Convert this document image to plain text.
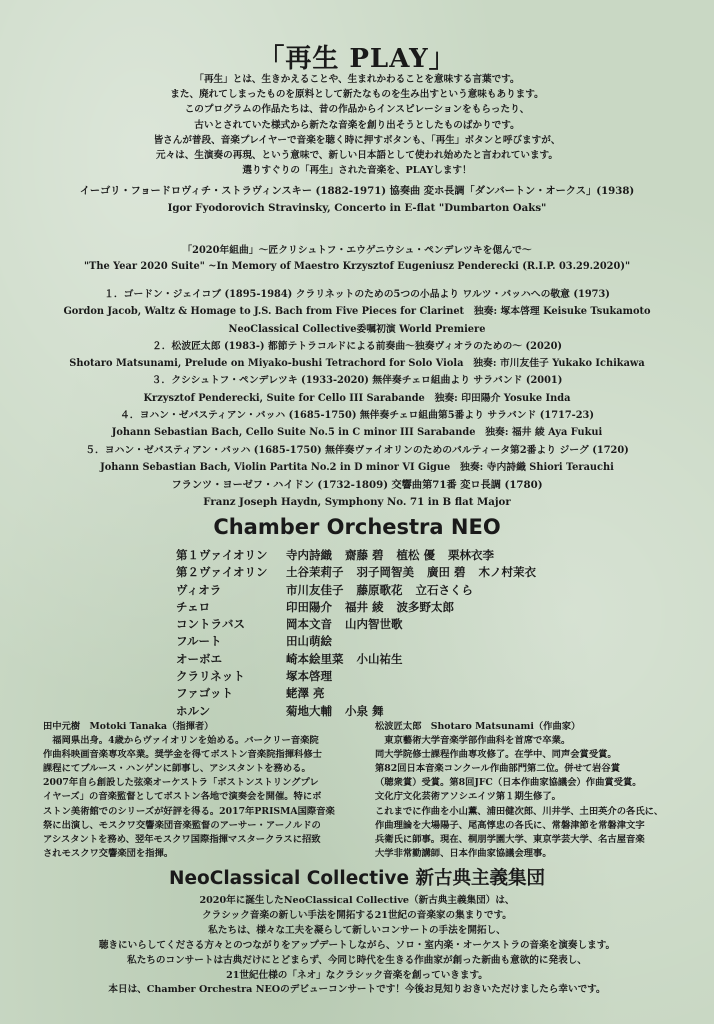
「再生 PLAY」
「再生」とは、生きかえることや、生まれかわることを意味する言葉です。
また、廃れてしまったものを原料として新たなものを生み出すという意味もあります。
このプログラムの作品たちは、昔の作品からインスピレーションをもらったり、
古いとされていた様式から新たな音楽を創り出そうとしたものばかりです。
皆さんが普段、音楽プレイヤーで音楽を聴く時に押すボタンも、「再生」ボタンと呼びますが、
元々は、生演奏の再現、という意味で、新しい日本語として使われ始めたと言われています。
選りすぐりの「再生」された音楽を、PLAYします！
イーゴリ・フョードロヴィチ・ストラヴィンスキー (1882-1971) 協奏曲 変ホ長調「ダンバートン・オークス」(1938)
Igor Fyodorovich Stravinsky, Concerto in E-flat "Dumbarton Oaks"
「2020年組曲」〜匠クリシュトフ・エウゲニウシュ・ペンデレツキを偲んで〜
"The Year 2020 Suite" ~In Memory of Maestro Krzysztof Eugeniusz Penderecki (R.I.P. 03.29.2020)"
１．ゴードン・ジェイコブ (1895-1984) クラリネットのための5つの小品より ワルツ・バッハへの敬意 (1973)
Gordon Jacob, Waltz & Homage to J.S. Bach from Five Pieces for Clarinet　独奏: 塚本啓理 Keisuke Tsukamoto
NeoClassical Collective委嘱初演 World Premiere
２．松波匠太郎 (1983-) 都節テトラコルドによる前奏曲〜独奏ヴィオラのための〜 (2020)
Shotaro Matsunami, Prelude on Miyako-bushi Tetrachord for Solo Viola　独奏: 市川友佳子 Yukako Ichikawa
３．クシシュトフ・ペンデレツキ (1933-2020) 無伴奏チェロ組曲より サラバンド (2001)
Krzysztof Penderecki, Suite for Cello III Sarabande　独奏: 印田陽介 Yosuke Inda
４．ヨハン・ゼバスティアン・バッハ (1685-1750) 無伴奏チェロ組曲第5番より サラバンド (1717-23)
Johann Sebastian Bach, Cello Suite No.5 in C minor III Sarabande　独奏: 福井 綾 Aya Fukui
５．ヨハン・ゼバスティアン・バッハ (1685-1750) 無伴奏ヴァイオリンのためのパルティータ第2番より ジーグ (1720)
Johann Sebastian Bach, Violin Partita No.2 in D minor VI Gigue　独奏: 寺内詩織 Shiori Terauchi
フランツ・ヨーゼフ・ハイドン (1732-1809) 交響曲第71番 変ロ長調 (1780)
Franz Joseph Haydn, Symphony No. 71 in B flat Major
Chamber Orchestra NEO
第１ヴァイオリン	寺内詩織 齋藤 碧 植松 優 栗林衣李
第２ヴァイオリン	土谷茉莉子 羽子岡智美 廣田 碧 木ノ村茉衣
ヴィオラ	市川友佳子 藤原歌花 立石さくら
チェロ	印田陽介 福井 綾 波多野太郎
コントラバス	岡本文音 山内智世歌
フルート	田山萌絵
オーボエ	崎本絵里菜 小山祐生
クラリネット	塚本啓理
ファゴット	蛯澤 亮
ホルン	菊地大輔 小泉 舞
田中元樹　Motoki Tanaka（指揮者）
　福岡県出身。4歳からヴァイオリンを始める。バークリー音楽院
作曲科映画音楽専攻卒業。奨学金を得てボストン音楽院指揮科修士
課程にてブルース・ハンゲンに師事し、アシスタントを務める。
2007年自ら創設した弦楽オーケストラ「ボストンストリングプレ
イヤーズ」の音楽監督としてボストン各地で演奏会を開催。特にボ
ストン美術館でのシリーズが好評を得る。2017年PRISMA国際音楽
祭に出演し、モスクワ交響楽団音楽監督のアーサー・アーノルドの
アシスタントを務め、翌年モスクワ国際指揮マスタークラスに招致
されモスクワ交響楽団を指揮。
松波匠太郎　Shotaro Matsunami（作曲家）
　東京藝術大学音楽学部作曲科を首席で卒業。
同大学院修士課程作曲専攻修了。在学中、同声会賞受賞。
第82回日本音楽コンクール作曲部門第二位。併せて岩谷賞
（聴衆賞）受賞。第8回JFC（日本作曲家協議会）作曲賞受賞。
文化庁文化芸術アソシエイツ第１期生修了。
これまでに作曲を小山薫、浦田健次郎、川井学、土田英介の各氏に、
作曲理論を大場陽子、尾高惇忠の各氏に、常磐津節を常磐津文字
兵衛氏に師事。現在、桐朋学園大学、東京学芸大学、名古屋音楽
大学非常勤講師、日本作曲家協議会理事。
NeoClassical Collective 新古典主義集団
2020年に誕生したNeoClassical Collective（新古典主義集団）は、
クラシック音楽の新しい手法を開拓する21世紀の音楽家の集まりです。
私たちは、様々な工夫を凝らして新しいコンサートの手法を開拓し、
聴きにいらしてくださる方々とのつながりをアップデートしながら、ソロ・室内楽・オーケストラの音楽を演奏します。
私たちのコンサートは古典だけにとどまらず、今同じ時代を生きる作曲家が創った新曲も意欲的に発表し、
21世紀仕様の「ネオ」なクラシック音楽を創っていきます。
本日は、Chamber Orchestra NEOのデビューコンサートです！今後お見知りおきいただけましたら幸いです。
